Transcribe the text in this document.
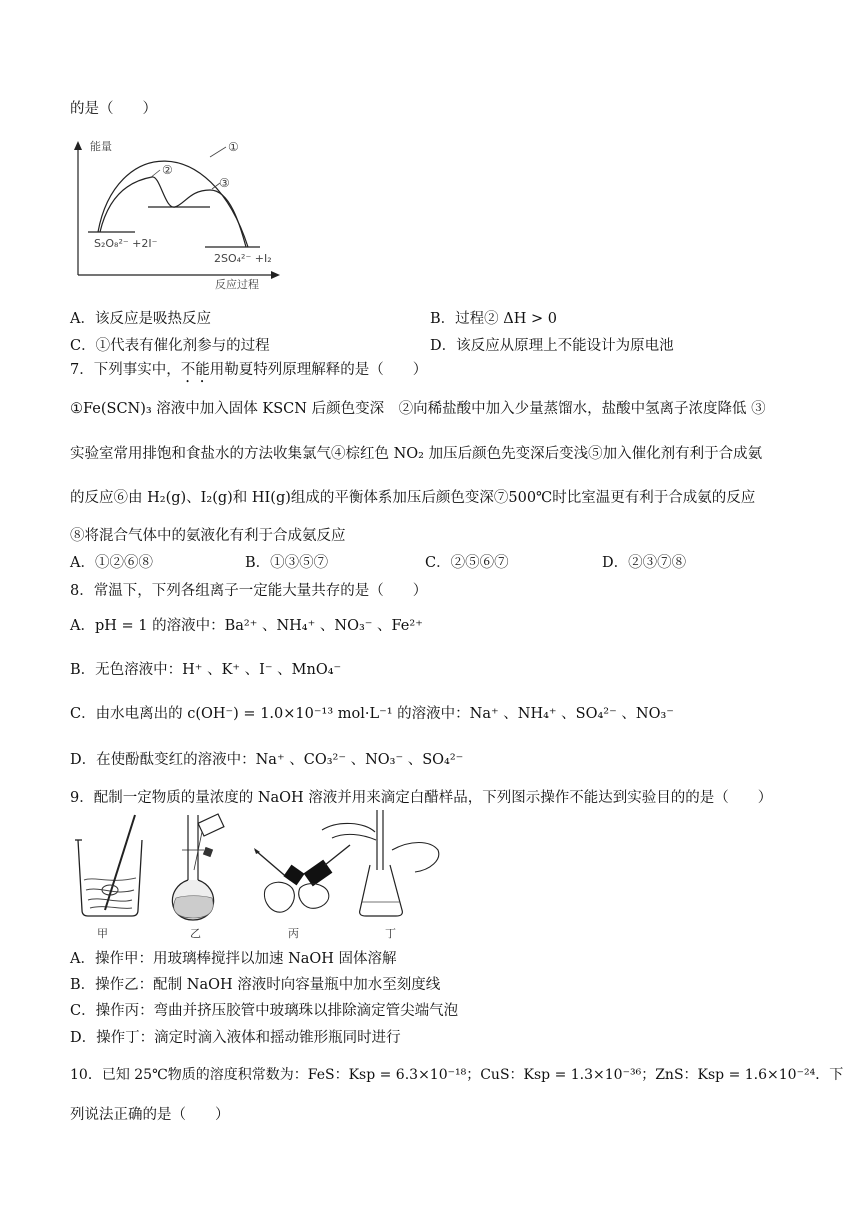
的是（　　）
能量	①
②
③
S₂O₈²⁻ +2I⁻
2SO₄²⁻ +I₂
反应过程
A．该反应是吸热反应	B．过程② ΔH > 0
C．①代表有催化剂参与的过程	D．该反应从原理上不能设计为原电池
7．下列事实中，不能用勒夏特列原理解释的是（　　）
①Fe(SCN)₃ 溶液中加入固体 KSCN 后颜色变深　②向稀盐酸中加入少量蒸馏水，盐酸中氢离子浓度降低 ③
实验室常用排饱和食盐水的方法收集氯气④棕红色 NO₂ 加压后颜色先变深后变浅⑤加入催化剂有利于合成氨
的反应⑥由 H₂(g)、I₂(g)和 HI(g)组成的平衡体系加压后颜色变深⑦500℃时比室温更有利于合成氨的反应
⑧将混合气体中的氨液化有利于合成氨反应
A．①②⑥⑧	B．①③⑤⑦	C．②⑤⑥⑦	D．②③⑦⑧
8．常温下，下列各组离子一定能大量共存的是（　　）
A．pH = 1 的溶液中：Ba²⁺ 、NH₄⁺ 、NO₃⁻ 、Fe²⁺
B．无色溶液中：H⁺ 、K⁺ 、I⁻ 、MnO₄⁻
C．由水电离出的 c(OH⁻) = 1.0×10⁻¹³ mol·L⁻¹ 的溶液中：Na⁺ 、NH₄⁺ 、SO₄²⁻ 、NO₃⁻
D．在使酚酞变红的溶液中：Na⁺ 、CO₃²⁻ 、NO₃⁻ 、SO₄²⁻
9．配制一定物质的量浓度的 NaOH 溶液并用来滴定白醋样品，下列图示操作不能达到实验目的的是（　　）
甲	乙	丙	丁
A．操作甲：用玻璃棒搅拌以加速 NaOH 固体溶解
B．操作乙：配制 NaOH 溶液时向容量瓶中加水至刻度线
C．操作丙：弯曲并挤压胶管中玻璃珠以排除滴定管尖端气泡
D．操作丁：滴定时滴入液体和摇动锥形瓶同时进行
10．已知 25℃物质的溶度积常数为：FeS：Ksp = 6.3×10⁻¹⁸；CuS：Ksp = 1.3×10⁻³⁶；ZnS：Ksp = 1.6×10⁻²⁴．下
列说法正确的是（　　）
